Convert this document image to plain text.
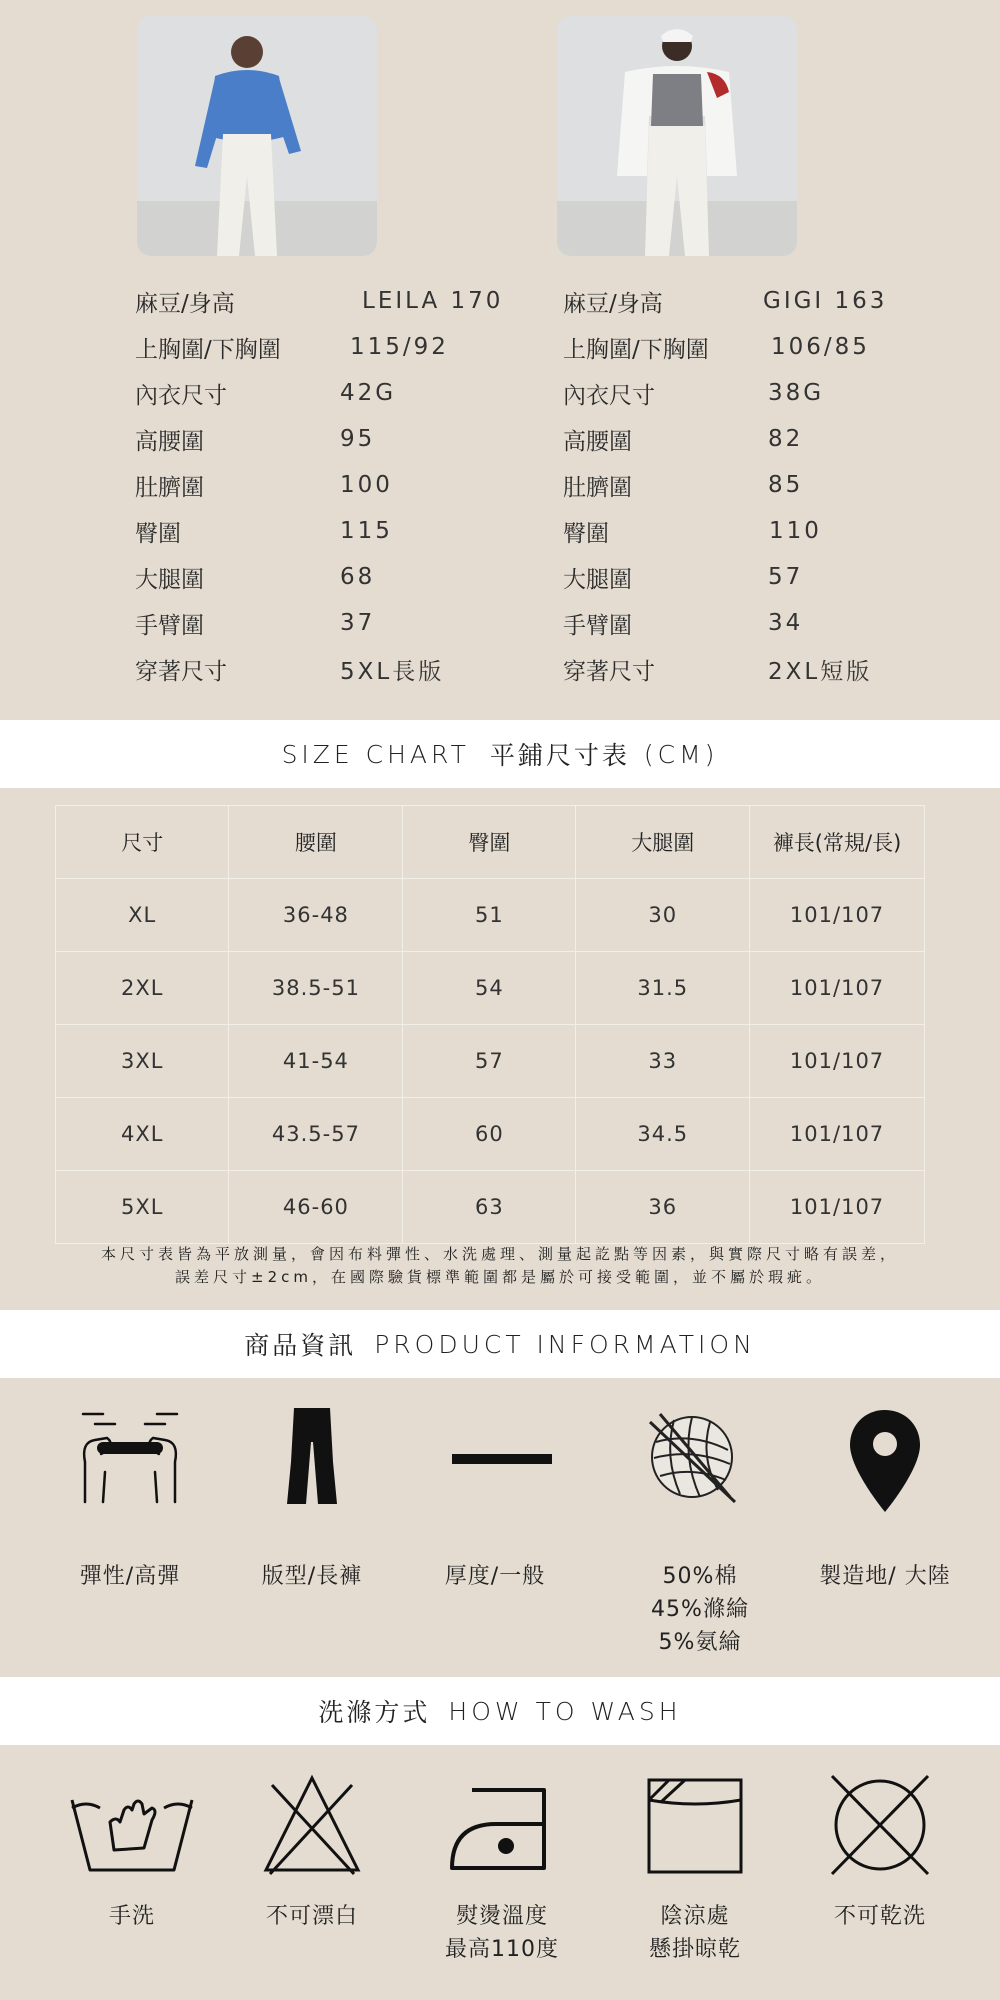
麻豆/身高	LEILA 170
上胸圍/下胸圍	115/92
內衣尺寸	42G
高腰圍	95
肚臍圍	100
臀圍	115
大腿圍	68
手臂圍	37
穿著尺寸	5XL長版
麻豆/身高	GIGI 163
上胸圍/下胸圍	106/85
內衣尺寸	38G
高腰圍	82
肚臍圍	85
臀圍	110
大腿圍	57
手臂圍	34
穿著尺寸	2XL短版
SIZE CHART 平鋪尺寸表 (CM)
尺寸	腰圍	臀圍	大腿圍	褲長(常規/長)
XL	36-48	51	30	101/107
2XL	38.5-51	54	31.5	101/107
3XL	41-54	57	33	101/107
4XL	43.5-57	60	34.5	101/107
5XL	46-60	63	36	101/107
本尺寸表皆為平放測量，會因布料彈性、水洗處理、測量起訖點等因素，與實際尺寸略有誤差，
誤差尺寸±2cm，在國際驗貨標準範圍都是屬於可接受範圍，並不屬於瑕疵。
商品資訊 PRODUCT INFORMATION
彈性/高彈	版型/長褲	厚度/一般	50%棉
45%滌綸
5%氨綸
製造地/ 大陸
洗滌方式 HOW TO WASH
手洗	不可漂白	熨燙溫度
最高110度
陰涼處
懸掛晾乾
不可乾洗
